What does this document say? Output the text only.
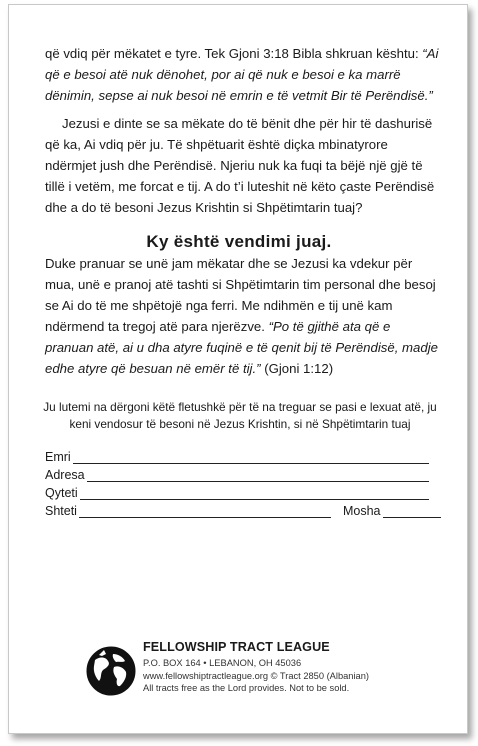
që vdiq për mëkatet e tyre. Tek Gjoni 3:18 Bibla shkruan kështu: “Ai që e besoi atë nuk dënohet, por ai që nuk e besoi e ka marrë dënimin, sepse ai nuk besoi në emrin e të vetmit Bir të Perëndisë.”
Jezusi e dinte se sa mëkate do të bënit dhe për hir të dashurisë që ka, Ai vdiq për ju. Të shpëtuarit është diçka mbinatyrore ndërmjet jush dhe Perëndisë. Njeriu nuk ka fuqi ta bëjë një gjë të tillë i vetëm, me forcat e tij. A do t’i luteshit në këto çaste Perëndisë dhe a do të besoni Jezus Krishtin si Shpëtimtarin tuaj?
Ky është vendimi juaj.
Duke pranuar se unë jam mëkatar dhe se Jezusi ka vdekur për mua, unë e pranoj atë tashti si Shpëtimtarin tim personal dhe besoj se Ai do të me shpëtojë nga ferri. Me ndihmën e tij unë kam ndërmend ta tregoj atë para njerëzve. “Po të gjithë ata që e pranuan atë, ai u dha atyre fuqinë e të qenit bij të Perëndisë, madje edhe atyre që besuan në emër të tij.” (Gjoni 1:12)
Ju lutemi na dërgoni këtë fletushkë për të na treguar se pasi e lexuat atë, ju keni vendosur të besoni në Jezus Krishtin, si në Shpëtimtarin tuaj
Emri
Adresa
Qyteti
Shteti	Mosha
FELLOWSHIP TRACT LEAGUE
P.O. BOX 164 • LEBANON, OH 45036
www.fellowshiptractleague.org © Tract 2850 (Albanian)
All tracts free as the Lord provides. Not to be sold.
